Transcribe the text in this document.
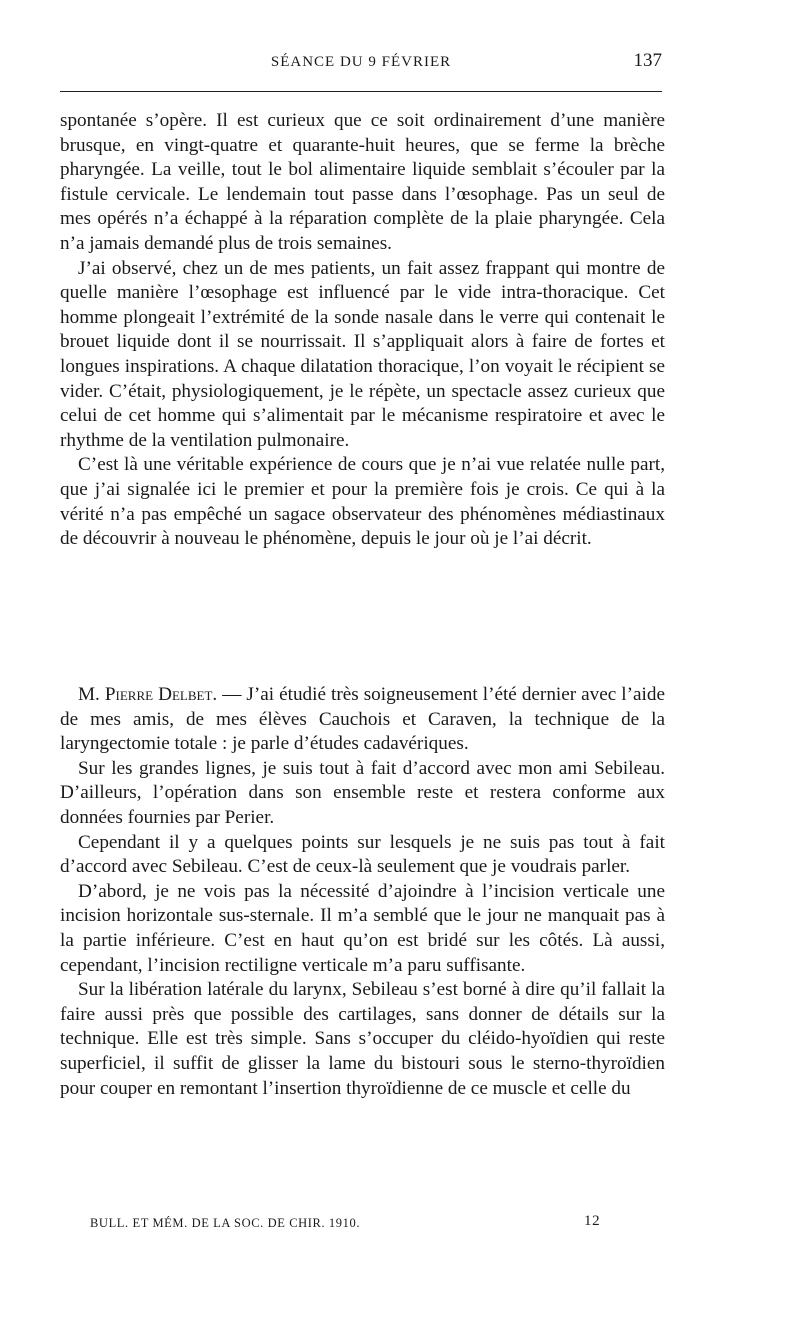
SÉANCE DU 9 FÉVRIER	137

spontanée s’opère. Il est curieux que ce soit ordinairement d’une manière brusque, en vingt-quatre et quarante-huit heures, que se ferme la brèche pharyngée. La veille, tout le bol alimentaire liquide semblait s’écouler par la fistule cervicale. Le lendemain tout passe dans l’œsophage. Pas un seul de mes opérés n’a échappé à la réparation complète de la plaie pharyngée. Cela n’a jamais demandé plus de trois semaines.

J’ai observé, chez un de mes patients, un fait assez frappant qui montre de quelle manière l’œsophage est influencé par le vide intra-thoracique. Cet homme plongeait l’extrémité de la sonde nasale dans le verre qui contenait le brouet liquide dont il se nourrissait. Il s’appliquait alors à faire de fortes et longues inspirations. A chaque dilatation thoracique, l’on voyait le récipient se vider. C’était, physiologiquement, je le répète, un spectacle assez curieux que celui de cet homme qui s’alimentait par le mécanisme respiratoire et avec le rhythme de la ventilation pulmonaire.

C’est là une véritable expérience de cours que je n’ai vue relatée nulle part, que j’ai signalée ici le premier et pour la première fois je crois. Ce qui à la vérité n’a pas empêché un sagace observateur des phénomènes médiastinaux de découvrir à nouveau le phénomène, depuis le jour où je l’ai décrit.

M. Pierre Delbet. — J’ai étudié très soigneusement l’été dernier avec l’aide de mes amis, de mes élèves Cauchois et Caraven, la technique de la laryngectomie totale : je parle d’études cadavériques.

Sur les grandes lignes, je suis tout à fait d’accord avec mon ami Sebileau. D’ailleurs, l’opération dans son ensemble reste et restera conforme aux données fournies par Perier.

Cependant il y a quelques points sur lesquels je ne suis pas tout à fait d’accord avec Sebileau. C’est de ceux-là seulement que je voudrais parler.

D’abord, je ne vois pas la nécessité d’ajoindre à l’incision verticale une incision horizontale sus-sternale. Il m’a semblé que le jour ne manquait pas à la partie inférieure. C’est en haut qu’on est bridé sur les côtés. Là aussi, cependant, l’incision rectiligne verticale m’a paru suffisante.

Sur la libération latérale du larynx, Sebileau s’est borné à dire qu’il fallait la faire aussi près que possible des cartilages, sans donner de détails sur la technique. Elle est très simple. Sans s’occuper du cléido-hyoïdien qui reste superficiel, il suffit de glisser la lame du bistouri sous le sterno-thyroïdien pour couper en remontant l’insertion thyroïdienne de ce muscle et celle du

BULL. ET MÉM. DE LA SOC. DE CHIR. 1910.	12
